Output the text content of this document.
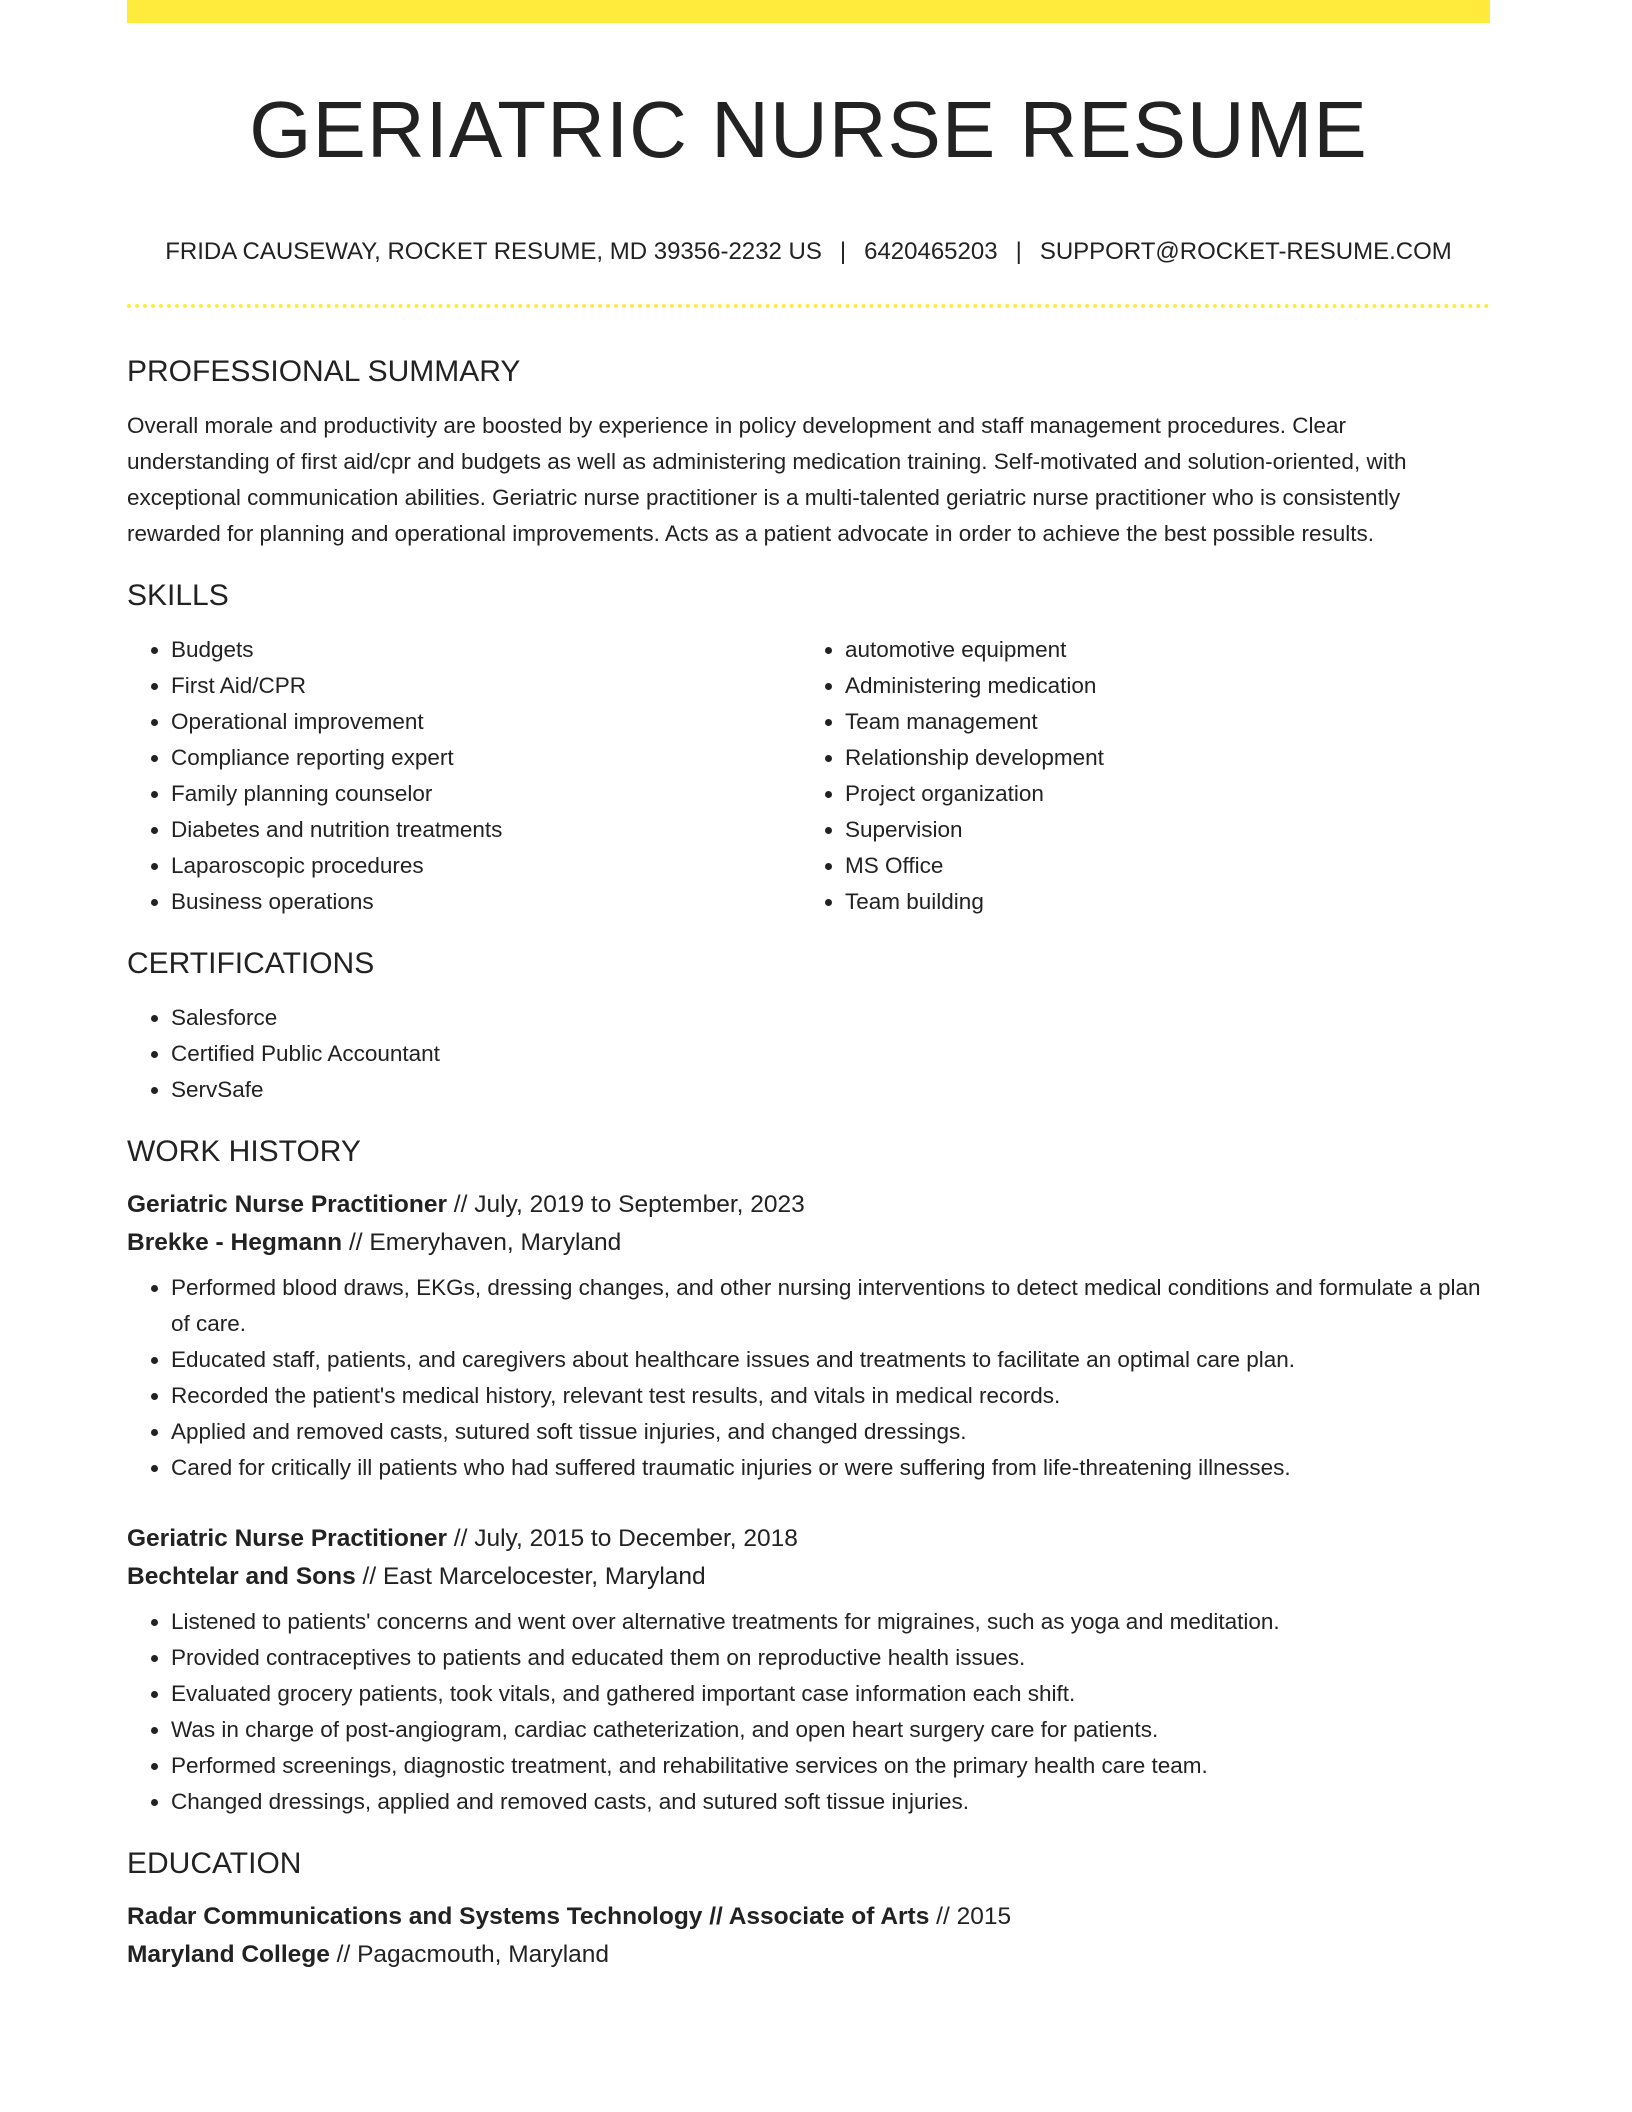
GERIATRIC NURSE RESUME
FRIDA CAUSEWAY, ROCKET RESUME, MD 39356-2232 US | 6420465203 | SUPPORT@ROCKET-RESUME.COM
PROFESSIONAL SUMMARY

Overall morale and productivity are boosted by experience in policy development and staff management procedures. Clear understanding of first aid/cpr and budgets as well as administering medication training. Self-motivated and solution-oriented, with exceptional communication abilities. Geriatric nurse practitioner is a multi-talented geriatric nurse practitioner who is consistently rewarded for planning and operational improvements. Acts as a patient advocate in order to achieve the best possible results.

SKILLS
• Budgets
• First Aid/CPR
• Operational improvement
• Compliance reporting expert
• Family planning counselor
• Diabetes and nutrition treatments
• Laparoscopic procedures
• Business operations
• automotive equipment
• Administering medication
• Team management
• Relationship development
• Project organization
• Supervision
• MS Office
• Team building
CERTIFICATIONS
• Salesforce
• Certified Public Accountant
• ServSafe
WORK HISTORY
Geriatric Nurse Practitioner // July, 2019 to September, 2023
Brekke - Hegmann // Emeryhaven, Maryland
• Performed blood draws, EKGs, dressing changes, and other nursing interventions to detect medical conditions and formulate a plan of care.
• Educated staff, patients, and caregivers about healthcare issues and treatments to facilitate an optimal care plan.
• Recorded the patient's medical history, relevant test results, and vitals in medical records.
• Applied and removed casts, sutured soft tissue injuries, and changed dressings.
• Cared for critically ill patients who had suffered traumatic injuries or were suffering from life-threatening illnesses.
Geriatric Nurse Practitioner // July, 2015 to December, 2018
Bechtelar and Sons // East Marcelocester, Maryland
• Listened to patients' concerns and went over alternative treatments for migraines, such as yoga and meditation.
• Provided contraceptives to patients and educated them on reproductive health issues.
• Evaluated grocery patients, took vitals, and gathered important case information each shift.
• Was in charge of post-angiogram, cardiac catheterization, and open heart surgery care for patients.
• Performed screenings, diagnostic treatment, and rehabilitative services on the primary health care team.
• Changed dressings, applied and removed casts, and sutured soft tissue injuries.
EDUCATION
Radar Communications and Systems Technology // Associate of Arts // 2015
Maryland College // Pagacmouth, Maryland
